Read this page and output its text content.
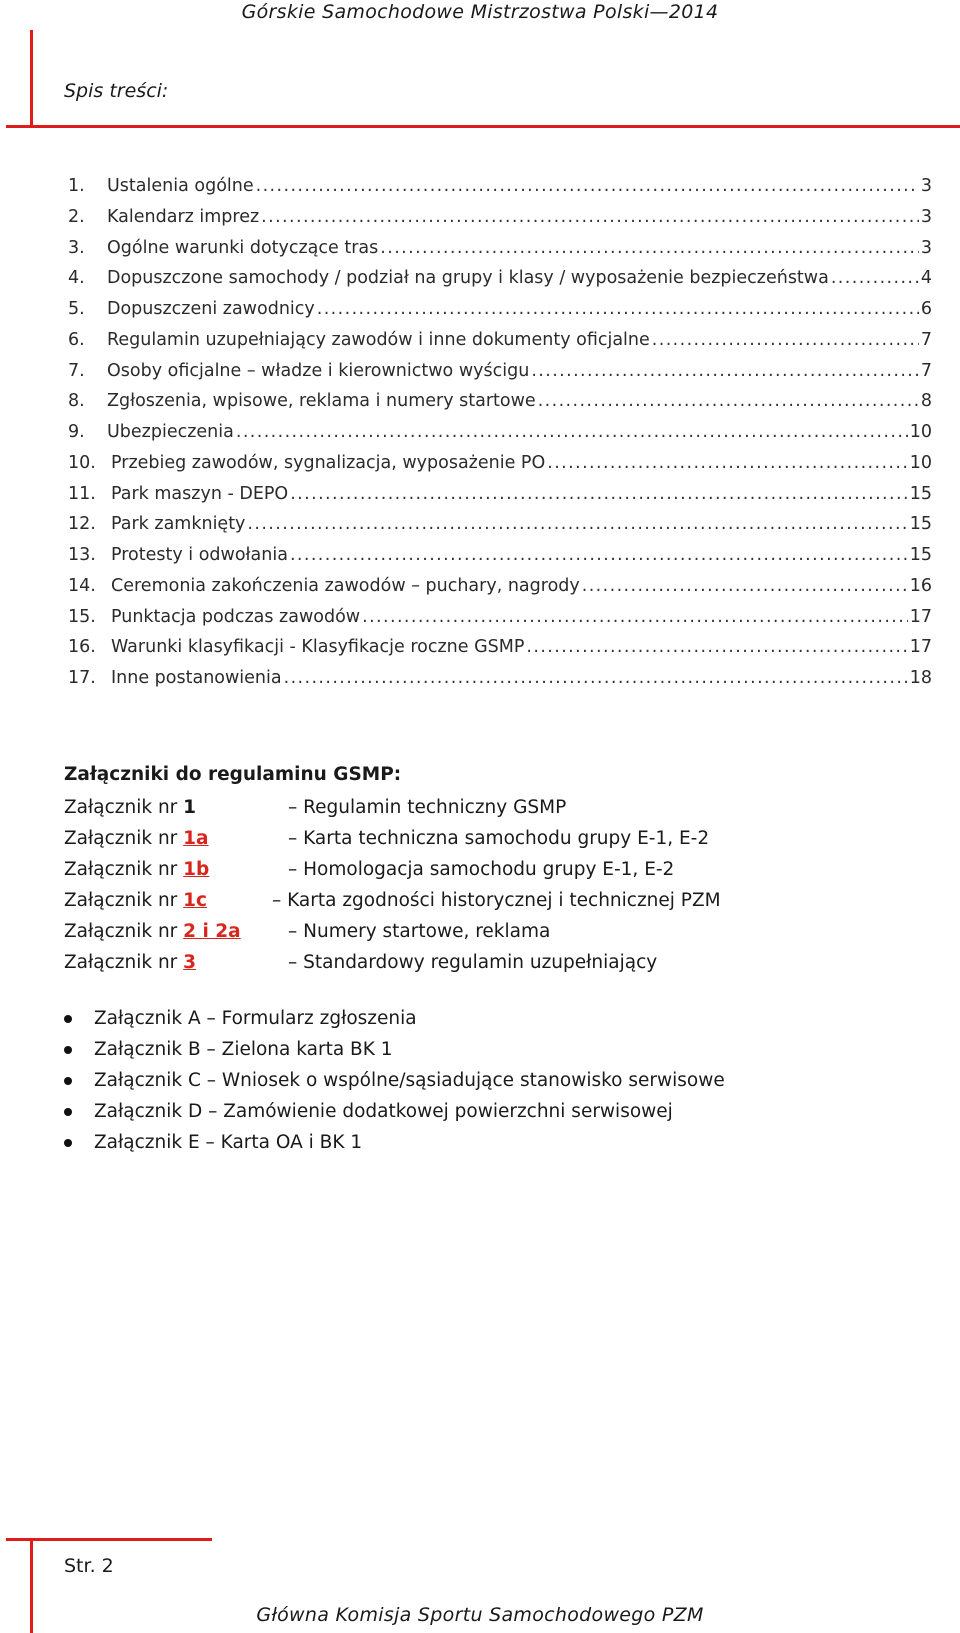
Górskie Samochodowe Mistrzostwa Polski—2014
Spis treści:
1.	Ustalenia ogólne .....	3
2.	Kalendarz imprez .....	3
3.	Ogólne warunki dotyczące tras .....	3
4.	Dopuszczone samochody / podział na grupy i klasy / wyposażenie bezpieczeństwa .....	4
5.	Dopuszczeni zawodnicy .....	6
6.	Regulamin uzupełniający zawodów i inne dokumenty oficjalne .....	7
7.	Osoby oficjalne – władze i kierownictwo wyścigu .....	7
8.	Zgłoszenia, wpisowe, reklama i numery startowe .....	8
9.	Ubezpieczenia .....	10
10. Przebieg zawodów, sygnalizacja, wyposażenie PO .....	10
11. Park maszyn - DEPO .....	15
12. Park zamknięty .....	15
13. Protesty i odwołania .....	15
14. Ceremonia zakończenia zawodów – puchary, nagrody .....	16
15. Punktacja podczas zawodów .....	17
16. Warunki klasyfikacji - Klasyfikacje roczne GSMP .....	17
17. Inne postanowienia .....	18
Załączniki do regulaminu GSMP:
Załącznik nr 1	– Regulamin techniczny GSMP
Załącznik nr 1a	– Karta techniczna samochodu grupy E-1, E-2
Załącznik nr 1b	– Homologacja samochodu grupy E-1, E-2
Załącznik nr 1c	– Karta zgodności historycznej i technicznej PZM
Załącznik nr 2 i 2a	– Numery startowe, reklama
Załącznik nr 3	– Standardowy regulamin uzupełniający
Załącznik A – Formularz zgłoszenia
Załącznik B – Zielona karta BK 1
Załącznik C – Wniosek o wspólne/sąsiadujące stanowisko serwisowe
Załącznik D – Zamówienie dodatkowej powierzchni serwisowej
Załącznik E – Karta OA i BK 1
Str. 2
Główna Komisja Sportu Samochodowego PZM
